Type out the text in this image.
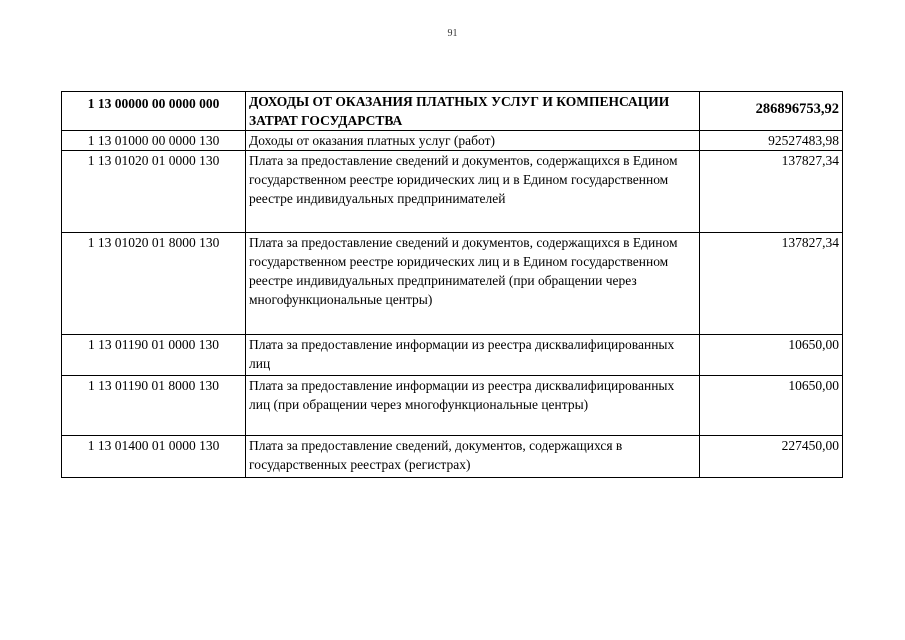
91
1 13 00000 00 0000 000	ДОХОДЫ ОТ ОКАЗАНИЯ ПЛАТНЫХ УСЛУГ И КОМПЕНСАЦИИ ЗАТРАТ ГОСУДАРСТВА	286896753,92
1 13 01000 00 0000 130	Доходы от оказания платных услуг (работ)	92527483,98
1 13 01020 01 0000 130	Плата за предоставление сведений и документов, содержащихся в Едином государственном реестре юридических лиц и в Едином государственном реестре индивидуальных предпринимателей	137827,34
1 13 01020 01 8000 130	Плата за предоставление сведений и документов, содержащихся в Едином государственном реестре юридических лиц и в Едином государственном реестре индивидуальных предпринимателей (при обращении через многофункциональные центры)	137827,34
1 13 01190 01 0000 130	Плата за предоставление информации из реестра дисквалифицированных лиц	10650,00
1 13 01190 01 8000 130	Плата за предоставление информации из реестра дисквалифицированных лиц (при обращении через многофункциональные центры)	10650,00
1 13 01400 01 0000 130	Плата за предоставление сведений, документов, содержащихся в государственных реестрах (регистрах)	227450,00
